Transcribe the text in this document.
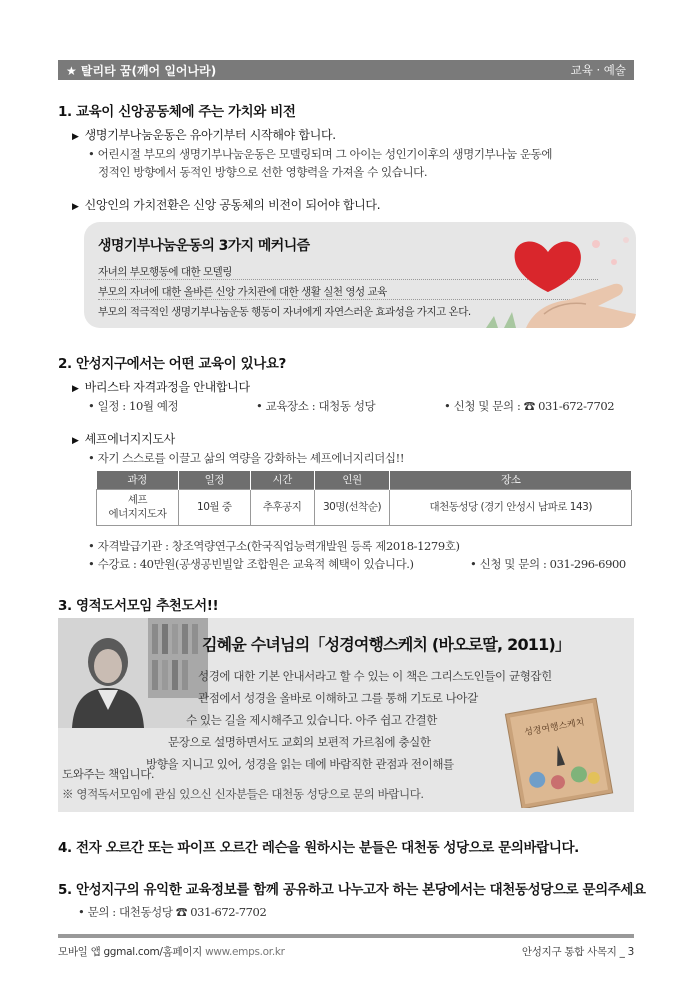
★ 탈리타 꿈(깨어 일어나라)	교육 · 예술
1. 교육이 신앙공동체에 주는 가치와 비전
▶ 생명기부나눔운동은 유아기부터 시작해야 합니다.
• 어린시절 부모의 생명기부나눔운동은 모델링되며 그 아이는 성인기이후의 생명기부나눔 운동에
정적인 방향에서 동적인 방향으로 선한 영향력을 가져올 수 있습니다.
▶ 신앙인의 가치전환은 신앙 공동체의 비전이 되어야 합니다.
생명기부나눔운동의 3가지 메커니즘
자녀의 부모행동에 대한 모델링
부모의 자녀에 대한 올바른 신앙 가치관에 대한 생활 실천 영성 교육
부모의 적극적인 생명기부나눔운동 행동이 자녀에게 자연스러운 효과성을 가지고 온다.
2. 안성지구에서는 어떤 교육이 있나요?
▶ 바리스타 자격과정을 안내합니다
• 일정 : 10월 예정	• 교육장소 : 대청동 성당	• 신청 및 문의 : ☎ 031-672-7702
▶ 셰프에너지지도사
• 자기 스스로를 이끌고 삶의 역량을 강화하는 셰프에너지리더십!!
과정	일정	시간	인원	장소
셰프
에너지지도자	10월 중	추후공지	30명(선착순)	대천동성당 (경기 안성시 남파로 143)
• 자격발급기관 : 창조역량연구소(한국직업능력개발원 등록 제2018-1279호)
• 수강료 : 40만원(공생공빈빌알 조합원은 교육적 혜택이 있습니다.)	• 신청 및 문의 : 031-296-6900
3. 영적도서모임 추천도서!!
김혜윤 수녀님의「성경여행스케치 (바오로딸, 2011)」
성경에 대한 기본 안내서라고 할 수 있는 이 책은 그리스도인들이 균형잡힌
관점에서 성경을 올바로 이해하고 그를 통해 기도로 나아갈
수 있는 길을 제시해주고 있습니다. 아주 쉽고 간결한
문장으로 설명하면서도 교회의 보편적 가르침에 충실한
방향을 지니고 있어, 성경을 읽는 데에 바람직한 관점과 전이해를
도와주는 책입니다.
※ 영적독서모임에 관심 있으신 신자분들은 대천동 성당으로 문의 바랍니다.
성경여행스케치
4. 전자 오르간 또는 파이프 오르간 레슨을 원하시는 분들은 대천동 성당으로 문의바랍니다.
5. 안성지구의 유익한 교육정보를 함께 공유하고 나누고자 하는 본당에서는 대천동성당으로 문의주세요
• 문의 : 대천동성당 ☎ 031-672-7702
모바일 앱 ggmal.com/홈페이지 www.emps.or.kr	안성지구 통합 사목지 _ 3
